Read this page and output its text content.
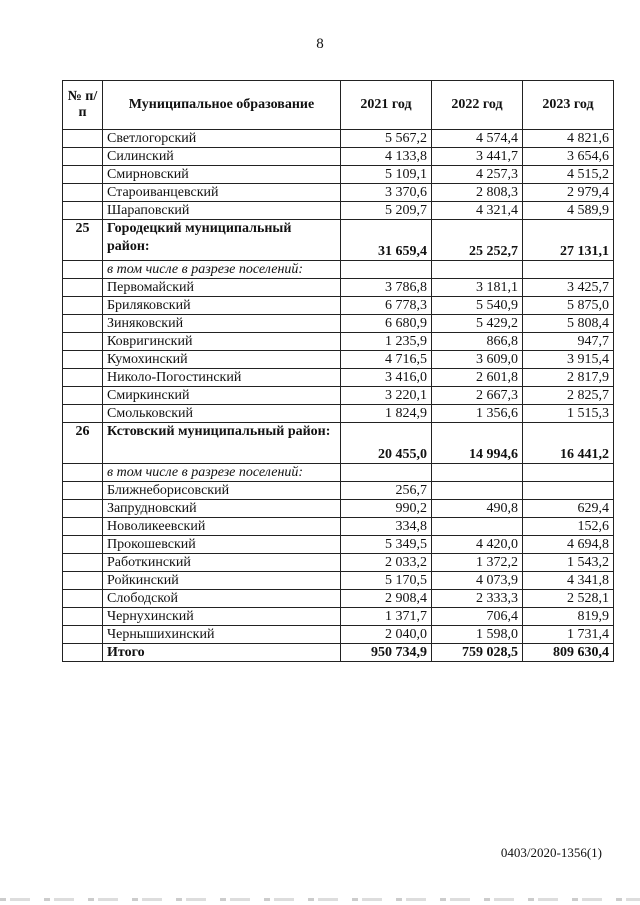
8
№ п/п	Муниципальное образование	2021 год	2022 год	2023 год
	Светлогорский	5 567,2	4 574,4	4 821,6
	Силинский	4 133,8	3 441,7	3 654,6
	Смирновский	5 109,1	4 257,3	4 515,2
	Староиванцевский	3 370,6	2 808,3	2 979,4
	Шараповский	5 209,7	4 321,4	4 589,9
25	Городецкий муниципальный район:	31 659,4	25 252,7	27 131,1
	в том числе в разрезе поселений:			
	Первомайский	3 786,8	3 181,1	3 425,7
	Бриляковский	6 778,3	5 540,9	5 875,0
	Зиняковский	6 680,9	5 429,2	5 808,4
	Ковригинский	1 235,9	866,8	947,7
	Кумохинский	4 716,5	3 609,0	3 915,4
	Николо-Погостинский	3 416,0	2 601,8	2 817,9
	Смиркинский	3 220,1	2 667,3	2 825,7
	Смольковский	1 824,9	1 356,6	1 515,3
26	Кстовский муниципальный район:	20 455,0	14 994,6	16 441,2
	в том числе в разрезе поселений:			
	Ближнеборисовский	256,7		
	Запрудновский	990,2	490,8	629,4
	Новоликеевский	334,8		152,6
	Прокошевский	5 349,5	4 420,0	4 694,8
	Работкинский	2 033,2	1 372,2	1 543,2
	Ройкинский	5 170,5	4 073,9	4 341,8
	Слободской	2 908,4	2 333,3	2 528,1
	Чернухинский	1 371,7	706,4	819,9
	Чернышихинский	2 040,0	1 598,0	1 731,4
	Итого	950 734,9	759 028,5	809 630,4
0403/2020-1356(1)
